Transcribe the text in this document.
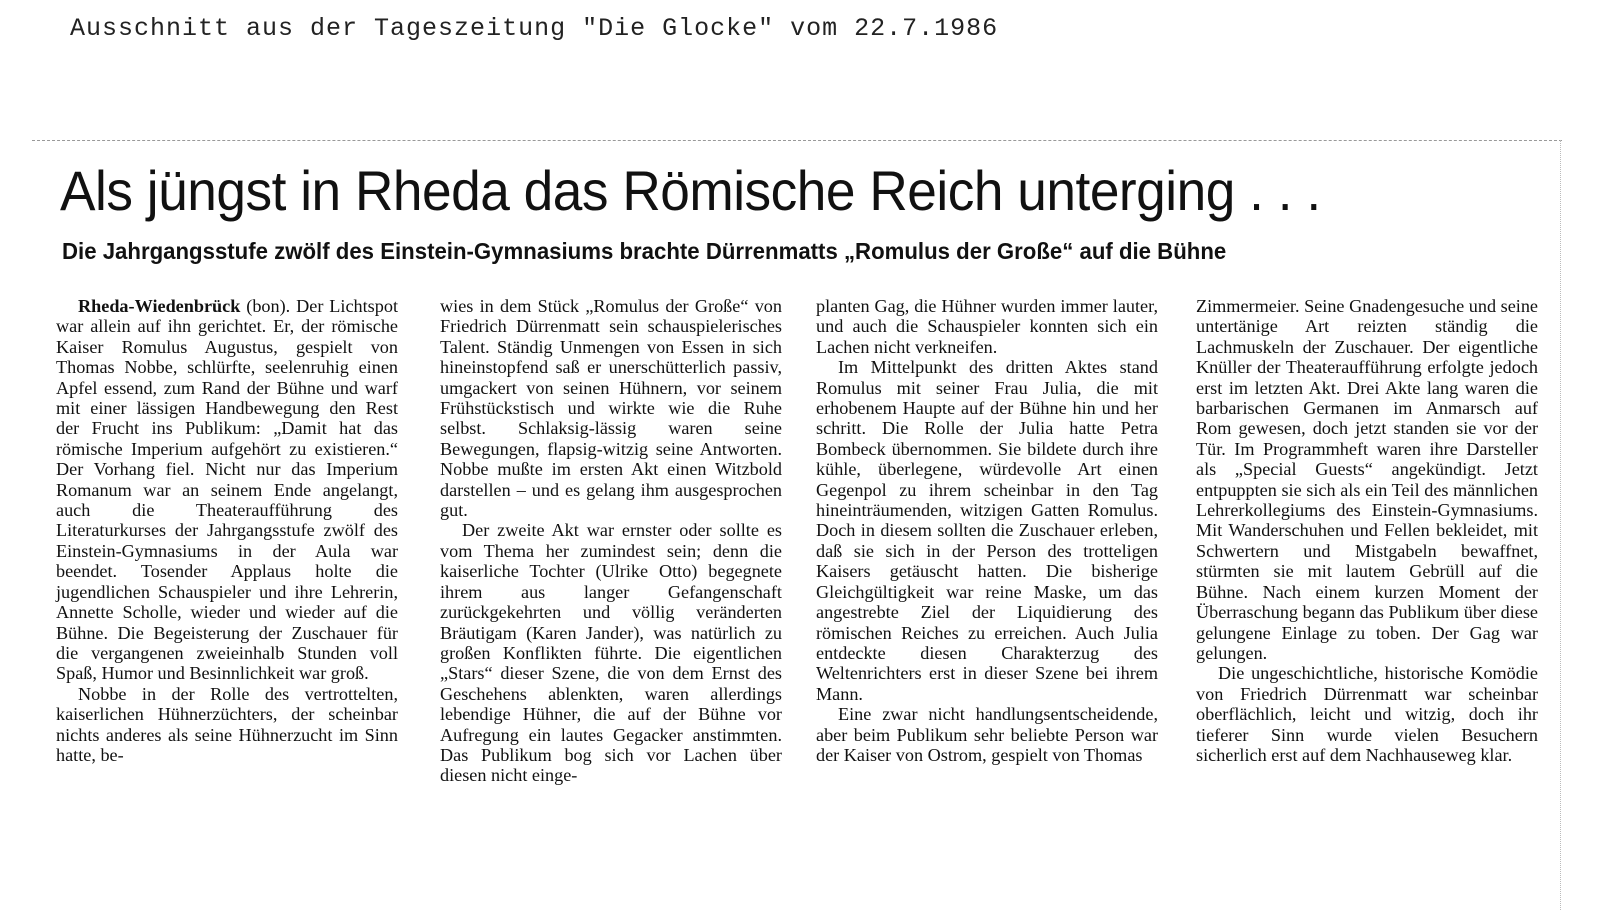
Ausschnitt aus der Tageszeitung "Die Glocke" vom 22.7.1986
Als jüngst in Rheda das Römische Reich unterging . . .
Die Jahrgangsstufe zwölf des Einstein-Gymnasiums brachte Dürrenmatts „Romulus der Große“ auf die Bühne

Rheda-Wiedenbrück (bon). Der Lichtspot war allein auf ihn gerichtet. Er, der römische Kaiser Romulus Augustus, gespielt von Thomas Nobbe, schlürfte, seelenruhig einen Apfel essend, zum Rand der Bühne und warf mit einer lässigen Handbewegung den Rest der Frucht ins Publikum: „Damit hat das römische Imperium aufgehört zu existieren.“ Der Vorhang fiel. Nicht nur das Imperium Romanum war an seinem Ende angelangt, auch die Theateraufführung des Literaturkurses der Jahrgangsstufe zwölf des Einstein-Gymnasiums in der Aula war beendet. Tosender Applaus holte die jugendlichen Schauspieler und ihre Lehrerin, Annette Scholle, wieder und wieder auf die Bühne. Die Begeisterung der Zuschauer für die vergangenen zweieinhalb Stunden voll Spaß, Humor und Besinnlichkeit war groß.

Nobbe in der Rolle des vertrottelten, kaiserlichen Hühnerzüchters, der scheinbar nichts anderes als seine Hühnerzucht im Sinn hatte, be-

wies in dem Stück „Romulus der Große“ von Friedrich Dürrenmatt sein schauspielerisches Talent. Ständig Unmengen von Essen in sich hineinstopfend saß er unerschütterlich passiv, umgackert von seinen Hühnern, vor seinem Frühstückstisch und wirkte wie die Ruhe selbst. Schlaksig-lässig waren seine Bewegungen, flapsig-witzig seine Antworten. Nobbe mußte im ersten Akt einen Witzbold darstellen – und es gelang ihm ausgesprochen gut.

Der zweite Akt war ernster oder sollte es vom Thema her zumindest sein; denn die kaiserliche Tochter (Ulrike Otto) begegnete ihrem aus langer Gefangenschaft zurückgekehrten und völlig veränderten Bräutigam (Karen Jander), was natürlich zu großen Konflikten führte. Die eigentlichen „Stars“ dieser Szene, die von dem Ernst des Geschehens ablenkten, waren allerdings lebendige Hühner, die auf der Bühne vor Aufregung ein lautes Gegacker anstimmten. Das Publikum bog sich vor Lachen über diesen nicht einge-

planten Gag, die Hühner wurden immer lauter, und auch die Schauspieler konnten sich ein Lachen nicht verkneifen.

Im Mittelpunkt des dritten Aktes stand Romulus mit seiner Frau Julia, die mit erhobenem Haupte auf der Bühne hin und her schritt. Die Rolle der Julia hatte Petra Bombeck übernommen. Sie bildete durch ihre kühle, überlegene, würdevolle Art einen Gegenpol zu ihrem scheinbar in den Tag hineinträumenden, witzigen Gatten Romulus. Doch in diesem sollten die Zuschauer erleben, daß sie sich in der Person des trotteligen Kaisers getäuscht hatten. Die bisherige Gleichgültigkeit war reine Maske, um das angestrebte Ziel der Liquidierung des römischen Reiches zu erreichen. Auch Julia entdeckte diesen Charakterzug des Weltenrichters erst in dieser Szene bei ihrem Mann.

Eine zwar nicht handlungsentscheidende, aber beim Publikum sehr beliebte Person war der Kaiser von Ostrom, gespielt von Thomas

Zimmermeier. Seine Gnadengesuche und seine untertänige Art reizten ständig die Lachmuskeln der Zuschauer. Der eigentliche Knüller der Theateraufführung erfolgte jedoch erst im letzten Akt. Drei Akte lang waren die barbarischen Germanen im Anmarsch auf Rom gewesen, doch jetzt standen sie vor der Tür. Im Programmheft waren ihre Darsteller als „Special Guests“ angekündigt. Jetzt entpuppten sie sich als ein Teil des männlichen Lehrerkollegiums des Einstein-Gymnasiums. Mit Wanderschuhen und Fellen bekleidet, mit Schwertern und Mistgabeln bewaffnet, stürmten sie mit lautem Gebrüll auf die Bühne. Nach einem kurzen Moment der Überraschung begann das Publikum über diese gelungene Einlage zu toben. Der Gag war gelungen.

Die ungeschichtliche, historische Komödie von Friedrich Dürrenmatt war scheinbar oberflächlich, leicht und witzig, doch ihr tieferer Sinn wurde vielen Besuchern sicherlich erst auf dem Nachhauseweg klar.
